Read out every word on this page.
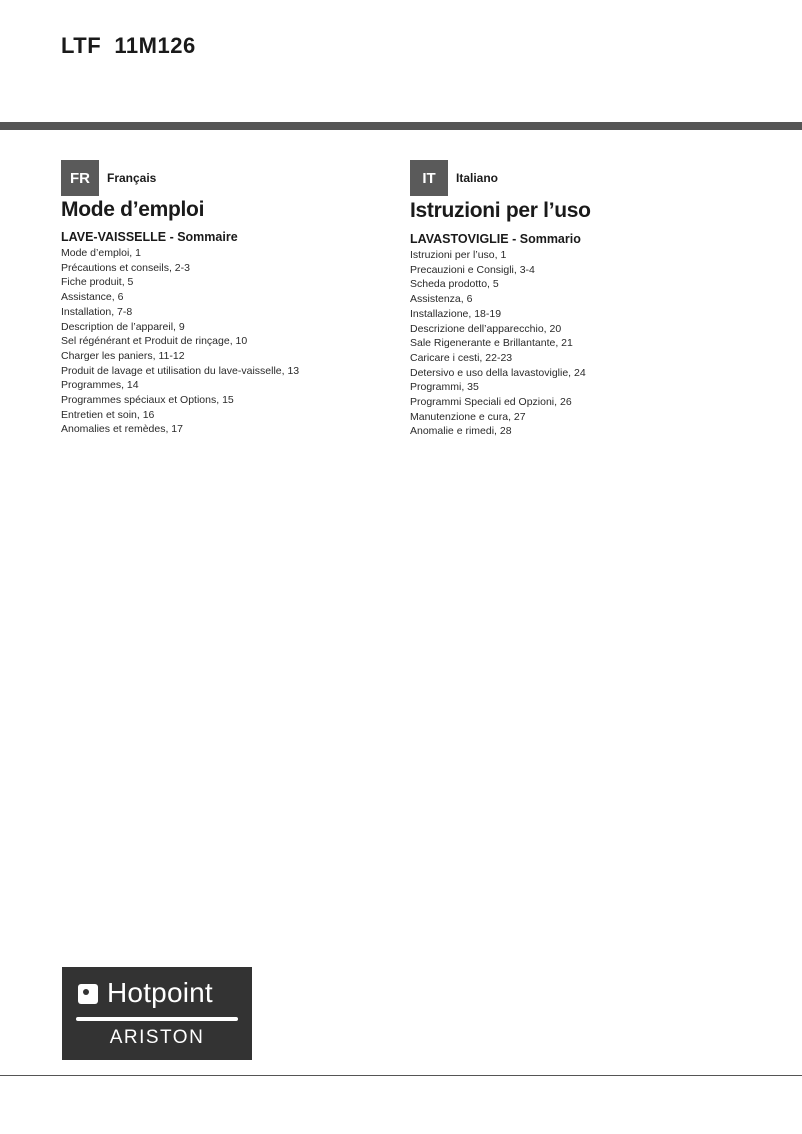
LTF  11M126
FR	Français
Mode d’emploi
LAVE-VAISSELLE - Sommaire
Mode d’emploi, 1
Précautions et conseils, 2-3
Fiche produit, 5
Assistance, 6
Installation, 7-8
Description de l’appareil, 9
Sel régénérant et Produit de rinçage, 10
Charger les paniers, 11-12
Produit de lavage et utilisation du lave-vaisselle, 13
Programmes, 14
Programmes spéciaux et Options, 15
Entretien et soin, 16
Anomalies et remèdes, 17
IT	Italiano
Istruzioni per l’uso
LAVASTOVIGLIE - Sommario
Istruzioni per l’uso, 1
Precauzioni e Consigli, 3-4
Scheda prodotto, 5
Assistenza, 6
Installazione, 18-19
Descrizione dell’apparecchio, 20
Sale Rigenerante e Brillantante, 21
Caricare i cesti, 22-23
Detersivo e uso della lavastoviglie, 24
Programmi, 35
Programmi Speciali ed Opzioni, 26
Manutenzione e cura, 27
Anomalie e rimedi, 28
Hotpoint
ARISTON
